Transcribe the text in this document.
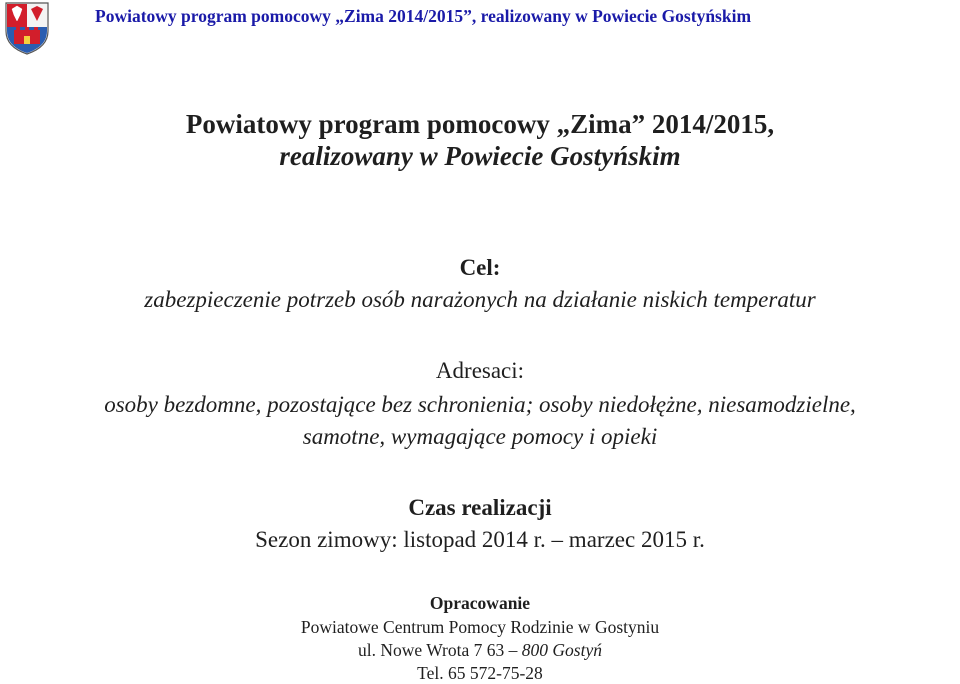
Powiatowy program pomocowy „Zima 2014/2015”, realizowany w Powiecie Gostyńskim
Powiatowy program pomocowy „Zima” 2014/2015,
realizowany w Powiecie Gostyńskim
Cel:
zabezpieczenie potrzeb osób narażonych na działanie niskich temperatur
Adresaci:
osoby bezdomne, pozostające bez schronienia; osoby niedołężne, niesamodzielne,
samotne, wymagające pomocy i opieki
Czas realizacji
Sezon zimowy: listopad 2014 r. – marzec 2015 r.
Opracowanie
Powiatowe Centrum Pomocy Rodzinie w Gostyniu
ul. Nowe Wrota 7 63 – 800 Gostyń
Tel. 65 572-75-28
